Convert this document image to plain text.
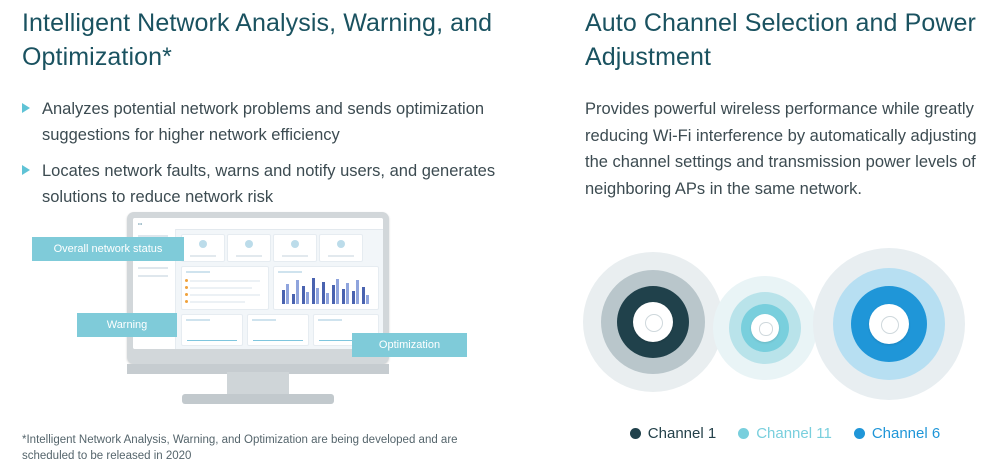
Intelligent Network Analysis, Warning, and Optimization*
Analyzes potential network problems and sends optimization suggestions for higher network efficiency
Locates network faults, warns and notify users, and generates solutions to reduce network risk
•••
Overall network status
Warning
Optimization
*Intelligent Network Analysis, Warning, and Optimization are being developed and are scheduled to be released in 2020
Auto Channel Selection and Power Adjustment

Provides powerful wireless performance while greatly reducing Wi-Fi interference by automatically adjusting the channel settings and transmission power levels of neighboring APs in the same network.

Channel 1	Channel 11	Channel 6
